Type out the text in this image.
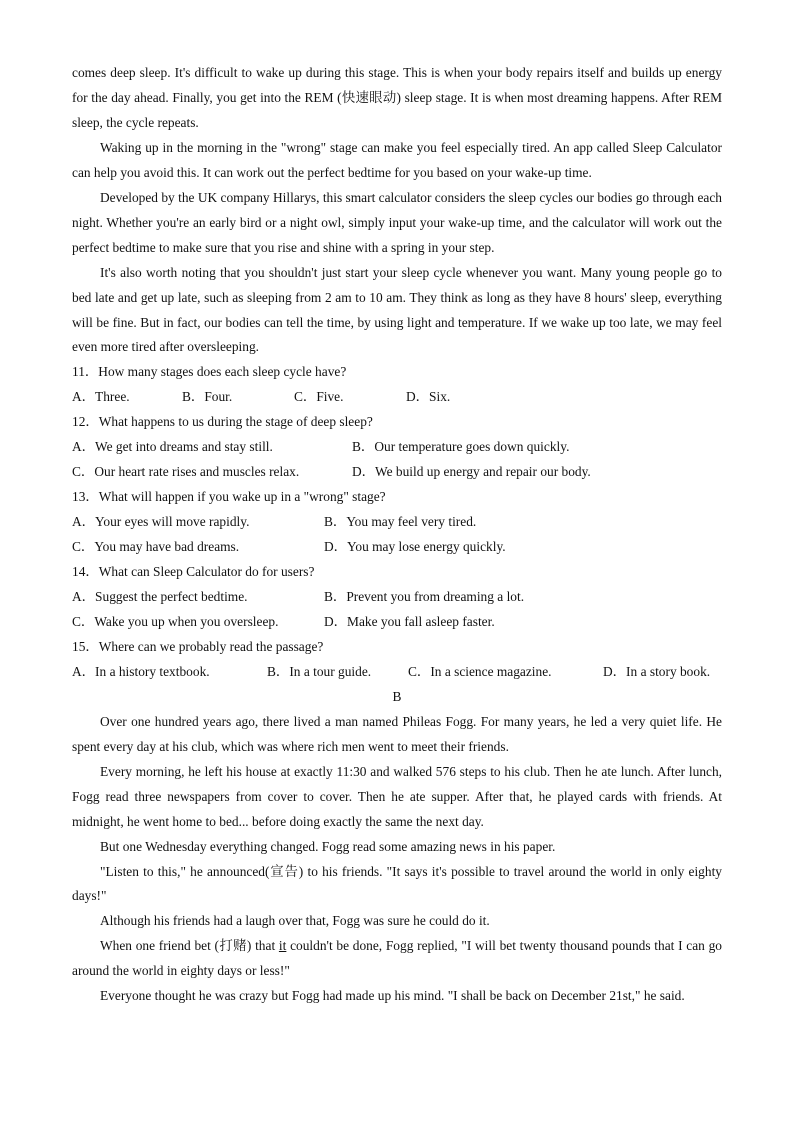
comes deep sleep. It's difficult to wake up during this stage. This is when your body repairs itself and builds up energy for the day ahead. Finally, you get into the REM (快速眼动) sleep stage. It is when most dreaming happens. After REM sleep, the cycle repeats.

Waking up in the morning in the "wrong" stage can make you feel especially tired. An app called Sleep Calculator can help you avoid this. It can work out the perfect bedtime for you based on your wake-up time.

Developed by the UK company Hillarys, this smart calculator considers the sleep cycles our bodies go through each night. Whether you're an early bird or a night owl, simply input your wake-up time, and the calculator will work out the perfect bedtime to make sure that you rise and shine with a spring in your step.

It's also worth noting that you shouldn't just start your sleep cycle whenever you want. Many young people go to bed late and get up late, such as sleeping from 2 am to 10 am. They think as long as they have 8 hours' sleep, everything will be fine. But in fact, our bodies can tell the time, by using light and temperature. If we wake up too late, we may feel even more tired after oversleeping.

11．How many stages does each sleep cycle have?
A．Three.	B．Four.	C．Five.	D．Six.
12．What happens to us during the stage of deep sleep?
A．We get into dreams and stay still.	B．Our temperature goes down quickly.
C．Our heart rate rises and muscles relax.	D．We build up energy and repair our body.
13．What will happen if you wake up in a "wrong" stage?
A．Your eyes will move rapidly.	B．You may feel very tired.
C．You may have bad dreams.	D．You may lose energy quickly.
14．What can Sleep Calculator do for users?
A．Suggest the perfect bedtime.	B．Prevent you from dreaming a lot.
C．Wake you up when you oversleep.	D．Make you fall asleep faster.
15．Where can we probably read the passage?
A．In a history textbook.	B．In a tour guide.	C．In a science magazine.	D．In a story book.
B

Over one hundred years ago, there lived a man named Phileas Fogg. For many years, he led a very quiet life. He spent every day at his club, which was where rich men went to meet their friends.

Every morning, he left his house at exactly 11:30 and walked 576 steps to his club. Then he ate lunch. After lunch, Fogg read three newspapers from cover to cover. Then he ate supper. After that, he played cards with friends. At midnight, he went home to bed... before doing exactly the same the next day.

But one Wednesday everything changed. Fogg read some amazing news in his paper.

"Listen to this," he announced(宣告) to his friends. "It says it's possible to travel around the world in only eighty days!"

Although his friends had a laugh over that, Fogg was sure he could do it.

When one friend bet (打赌) that it couldn't be done, Fogg replied, "I will bet twenty thousand pounds that I can go around the world in eighty days or less!"

Everyone thought he was crazy but Fogg had made up his mind. "I shall be back on December 21st," he said.
